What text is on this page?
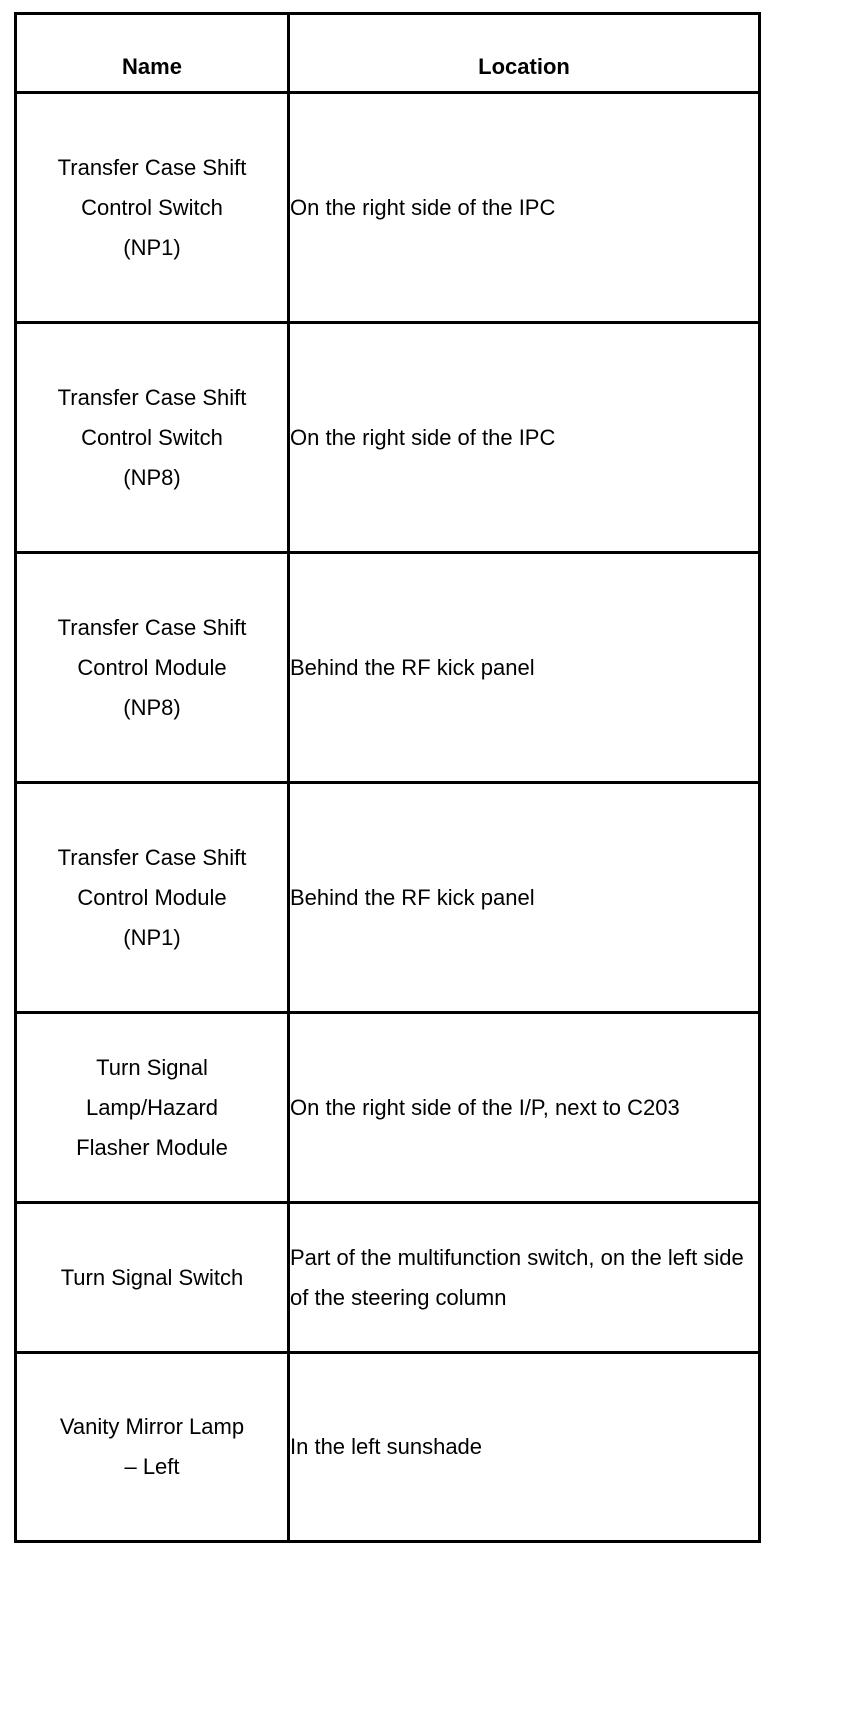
Name	Location
Transfer Case Shift
Control Switch
(NP1)	On the right side of the IPC
Transfer Case Shift
Control Switch
(NP8)	On the right side of the IPC
Transfer Case Shift
Control Module
(NP8)	Behind the RF kick panel
Transfer Case Shift
Control Module
(NP1)	Behind the RF kick panel
Turn Signal
Lamp/Hazard
Flasher Module	On the right side of the I/P, next to C203
Turn Signal Switch	Part of the multifunction switch, on the left side of the steering column
Vanity Mirror Lamp
– Left	In the left sunshade
